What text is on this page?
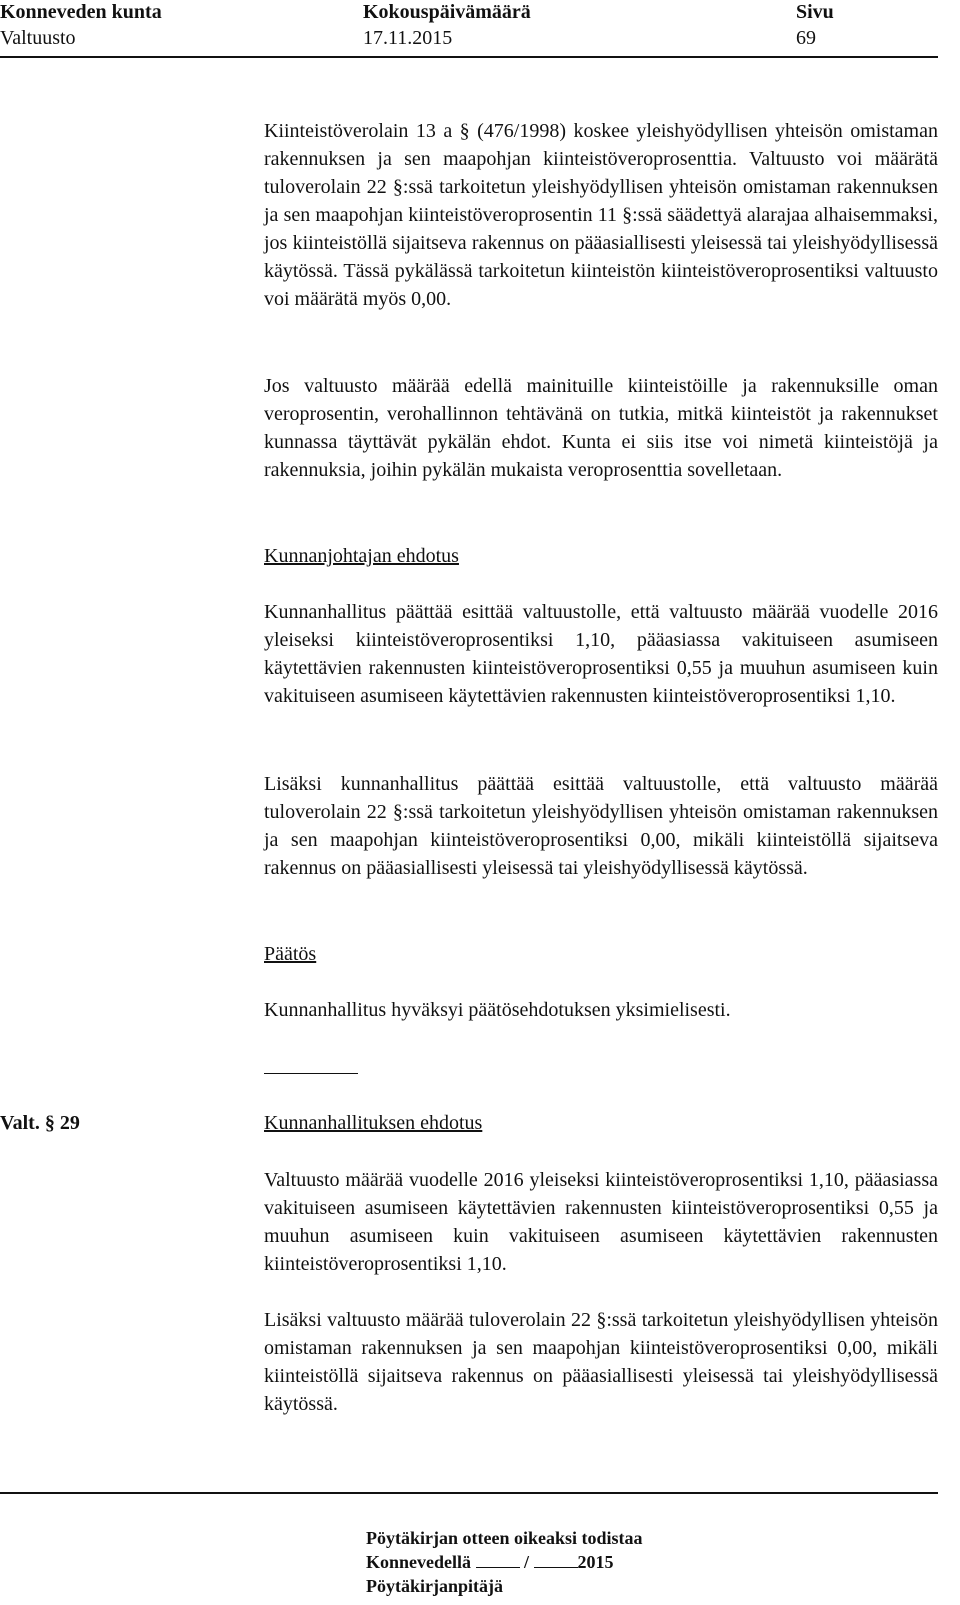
Konneveden kunta	Kokouspäivämäärä	Sivu
Valtuusto	17.11.2015	69

Kiinteistöverolain 13 a § (476/1998) koskee yleishyödyllisen yhteisön omistaman rakennuksen ja sen maapohjan kiinteistöveroprosenttia. Valtuusto voi määrätä tuloverolain 22 §:ssä tarkoitetun yleishyödyllisen yhteisön omistaman rakennuksen ja sen maapohjan kiinteistöveroprosentin 11 §:ssä säädettyä alarajaa alhaisemmaksi, jos kiinteistöllä sijaitseva rakennus on pääasiallisesti yleisessä tai yleishyödyllisessä käytössä. Tässä pykälässä tarkoitetun kiinteistön kiinteistöveroprosentiksi valtuusto voi määrätä myös 0,00.

Jos valtuusto määrää edellä mainituille kiinteistöille ja rakennuksille oman veroprosentin, verohallinnon tehtävänä on tutkia, mitkä kiinteistöt ja rakennukset kunnassa täyttävät pykälän ehdot. Kunta ei siis itse voi nimetä kiinteistöjä ja rakennuksia, joihin pykälän mukaista veroprosenttia sovelletaan.

Kunnanjohtajan ehdotus

Kunnanhallitus päättää esittää valtuustolle, että valtuusto määrää vuodelle 2016 yleiseksi kiinteistöveroprosentiksi 1,10, pääasiassa vakituiseen asumiseen käytettävien rakennusten kiinteistöveroprosentiksi 0,55 ja muuhun asumiseen kuin vakituiseen asumiseen käytettävien rakennusten kiinteistöveroprosentiksi 1,10.

Lisäksi kunnanhallitus päättää esittää valtuustolle, että valtuusto määrää tuloverolain 22 §:ssä tarkoitetun yleishyödyllisen yhteisön omistaman rakennuksen ja sen maapohjan kiinteistöveroprosentiksi 0,00, mikäli kiinteistöllä sijaitseva rakennus on pääasiallisesti yleisessä tai yleishyödyllisessä käytössä.

Päätös

Kunnanhallitus hyväksyi päätösehdotuksen yksimielisesti.

Valt. § 29	Kunnanhallituksen ehdotus

Valtuusto määrää vuodelle 2016 yleiseksi kiinteistöveroprosentiksi 1,10, pääasiassa vakituiseen asumiseen käytettävien rakennusten kiinteistöveroprosentiksi 0,55 ja muuhun asumiseen kuin vakituiseen asumiseen käytettävien rakennusten kiinteistöveroprosentiksi 1,10.

Lisäksi valtuusto määrää tuloverolain 22 §:ssä tarkoitetun yleishyödyllisen yhteisön omistaman rakennuksen ja sen maapohjan kiinteistöveroprosentiksi 0,00, mikäli kiinteistöllä sijaitseva rakennus on pääasiallisesti yleisessä tai yleishyödyllisessä käytössä.

Pöytäkirjan otteen oikeaksi todistaa
Konnevedellä	/	2015
Pöytäkirjanpitäjä
